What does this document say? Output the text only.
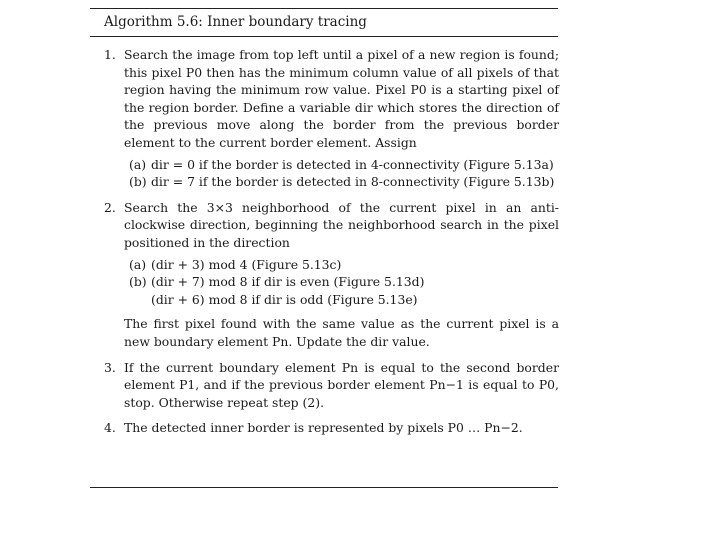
Algorithm 5.6: Inner boundary tracing
1. Search the image from top left until a pixel of a new region is found; this pixel P0 then has the minimum column value of all pixels of that region having the minimum row value. Pixel P0 is a starting pixel of the region border. Define a variable dir which stores the direction of the previous move along the border from the previous border element to the current border element. Assign

(a) dir = 0 if the border is detected in 4-connectivity (Figure 5.13a)
(b) dir = 7 if the border is detected in 8-connectivity (Figure 5.13b)
2. Search the 3×3 neighborhood of the current pixel in an anti-clockwise direction, beginning the neighborhood search in the pixel positioned in the direction

(a) (dir + 3) mod 4 (Figure 5.13c)
(b) (dir + 7) mod 8 if dir is even (Figure 5.13d)
(dir + 6) mod 8 if dir is odd (Figure 5.13e)

The first pixel found with the same value as the current pixel is a new boundary element Pn. Update the dir value.

3. If the current boundary element Pn is equal to the second border element P1, and if the previous border element Pn−1 is equal to P0, stop. Otherwise repeat step (2).

4. The detected inner border is represented by pixels P0 … Pn−2.
